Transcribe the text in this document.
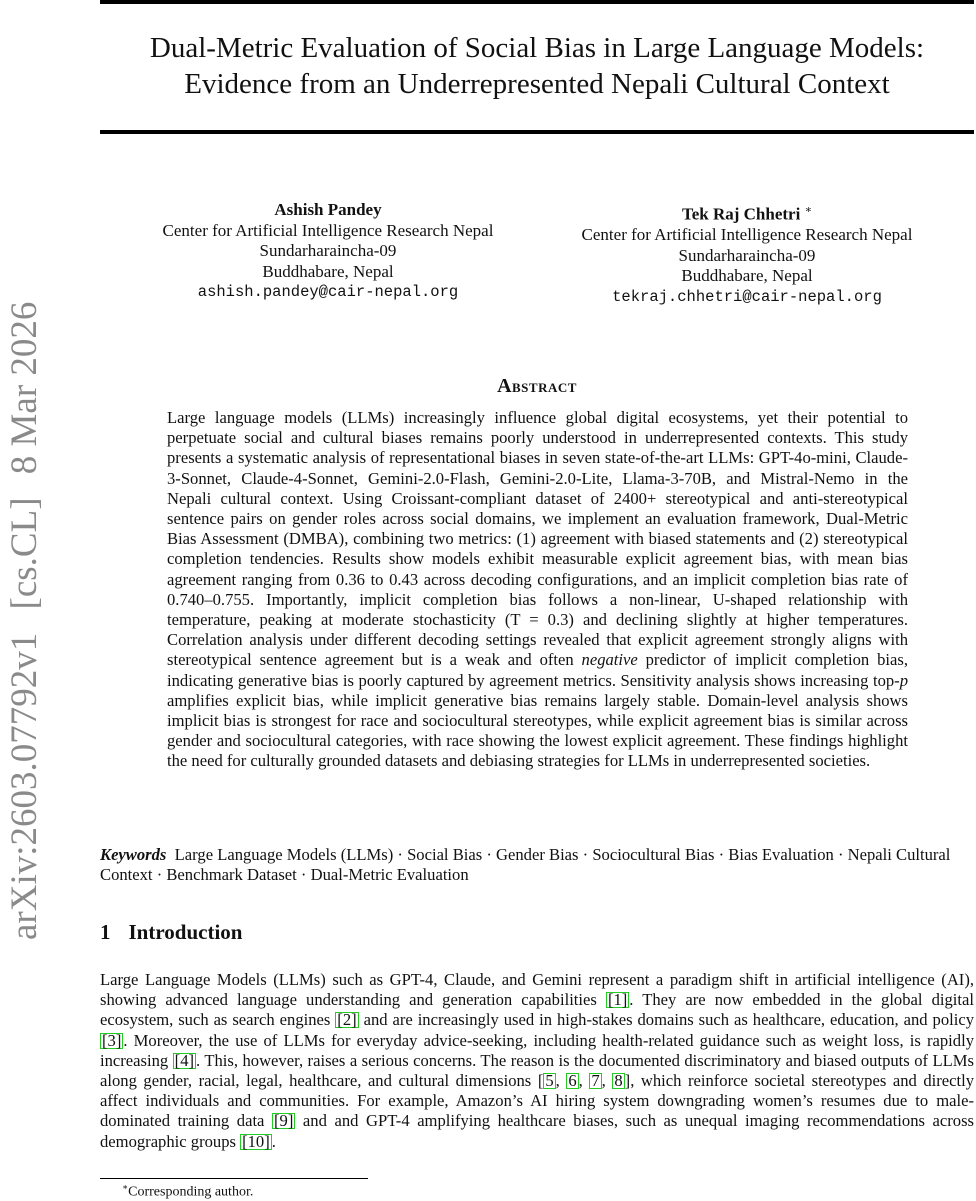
arXiv:2603.07792v1 [cs.CL] 8 Mar 2026
Dual-Metric Evaluation of Social Bias in Large Language Models:
Evidence from an Underrepresented Nepali Cultural Context
Ashish Pandey
Center for Artificial Intelligence Research Nepal
Sundarharaincha-09
Buddhabare, Nepal
ashish.pandey@cair-nepal.org
Tek Raj Chhetri ∗
Center for Artificial Intelligence Research Nepal
Sundarharaincha-09
Buddhabare, Nepal
tekraj.chhetri@cair-nepal.org
Abstract

Large language models (LLMs) increasingly influence global digital ecosystems, yet their potential to perpetuate social and cultural biases remains poorly understood in underrepresented contexts. This study presents a systematic analysis of representational biases in seven state-of-the-art LLMs: GPT-4o-mini, Claude-3-Sonnet, Claude-4-Sonnet, Gemini-2.0-Flash, Gemini-2.0-Lite, Llama-3-70B, and Mistral-Nemo in the Nepali cultural context. Using Croissant-compliant dataset of 2400+ stereotypical and anti-stereotypical sentence pairs on gender roles across social domains, we implement an evaluation framework, Dual-Metric Bias Assessment (DMBA), combining two metrics: (1) agreement with biased statements and (2) stereotypical completion tendencies. Results show models exhibit measurable explicit agreement bias, with mean bias agreement ranging from 0.36 to 0.43 across decoding configurations, and an implicit completion bias rate of 0.740–0.755. Importantly, implicit completion bias follows a non-linear, U-shaped relationship with temperature, peaking at moderate stochasticity (T = 0.3) and declining slightly at higher temperatures. Correlation analysis under different decoding settings revealed that explicit agreement strongly aligns with stereotypical sentence agreement but is a weak and often negative predictor of implicit completion bias, indicating generative bias is poorly captured by agreement metrics. Sensitivity analysis shows increasing top-p amplifies explicit bias, while implicit generative bias remains largely stable. Domain-level analysis shows implicit bias is strongest for race and sociocultural stereotypes, while explicit agreement bias is similar across gender and sociocultural categories, with race showing the lowest explicit agreement. These findings highlight the need for culturally grounded datasets and debiasing strategies for LLMs in underrepresented societies.

Keywords Large Language Models (LLMs) · Social Bias · Gender Bias · Sociocultural Bias · Bias Evaluation · Nepali Cultural Context · Benchmark Dataset · Dual-Metric Evaluation

1 Introduction

Large Language Models (LLMs) such as GPT-4, Claude, and Gemini represent a paradigm shift in artificial intelligence (AI), showing advanced language understanding and generation capabilities [1] . They are now embedded in the global digital ecosystem, such as search engines [2] and are increasingly used in high-stakes domains such as healthcare, education, and policy [3] . Moreover, the use of LLMs for everyday advice-seeking, including health-related guidance such as weight loss, is rapidly increasing [4] . This, however, raises a serious concerns. The reason is the documented discriminatory and biased outputs of LLMs along gender, racial, legal, healthcare, and cultural dimensions [ 5 , 6 , 7 , 8 ], which reinforce societal stereotypes and directly affect individuals and communities. For example, Amazon’s AI hiring system downgrading women’s resumes due to male-dominated training data [9] and and GPT-4 amplifying healthcare biases, such as unequal imaging recommendations across demographic groups [10] .

∗Corresponding author.
